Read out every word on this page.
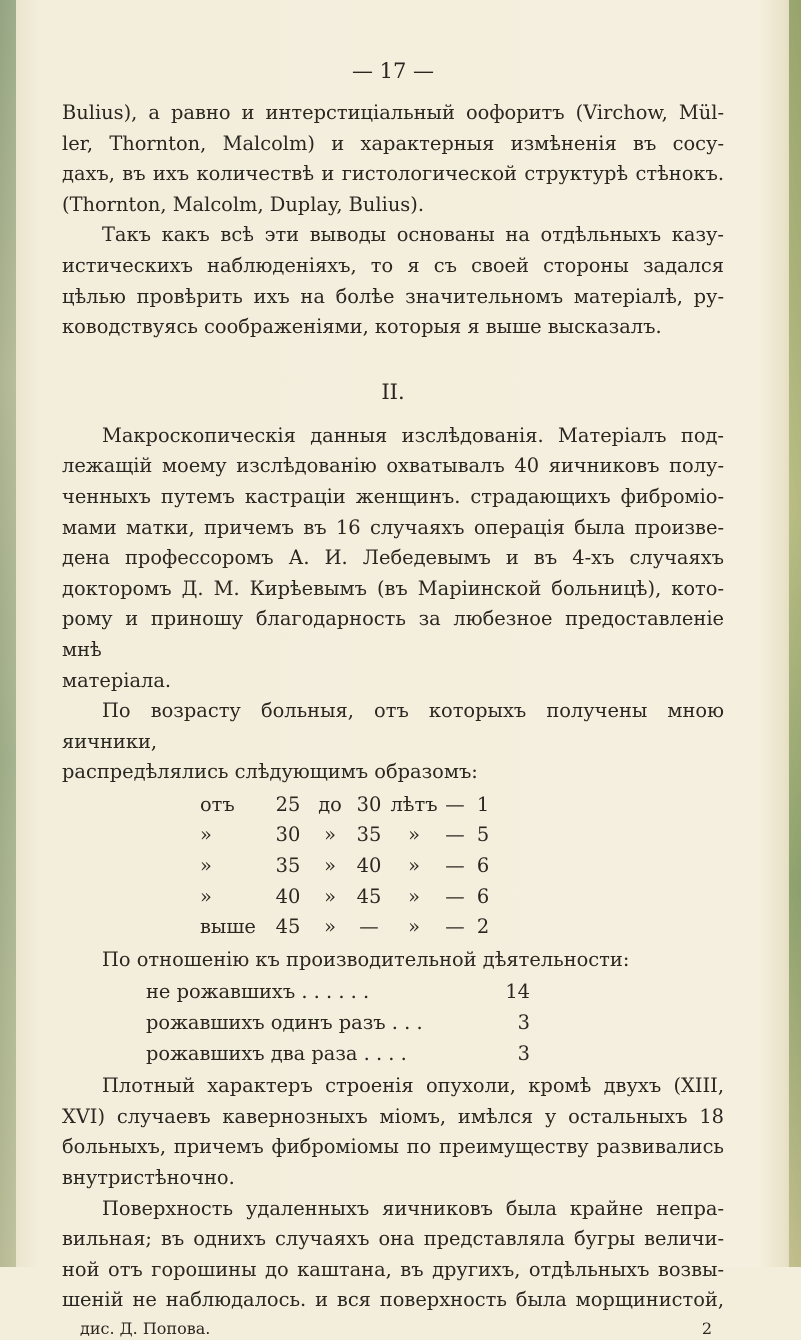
— 17 —

Bulius), а равно и интерстиціальный оофоритъ (Virchow, Mül-

ler, Thornton, Malcolm) и характерныя измѣненія въ сосу-

дахъ, въ ихъ количествѣ и гистологической структурѣ стѣнокъ.

(Thornton, Malcolm, Duplay, Bulius).

Такъ какъ всѣ эти выводы основаны на отдѣльныхъ казу-

истическихъ наблюденіяхъ, то я съ своей стороны задался

цѣлью провѣрить ихъ на болѣе значительномъ матеріалѣ, ру-

ководствуясь соображеніями, которыя я выше высказалъ.

II.

Макроскопическія данныя изслѣдованія. Матеріалъ под-

лежащій моему изслѣдованію охватывалъ 40 яичниковъ полу-

ченныхъ путемъ кастраціи женщинъ. страдающихъ фиброміо-

мами матки, причемъ въ 16 случаяхъ операція была произве-

дена профессоромъ А. И. Лебедевымъ и въ 4-хъ случаяхъ

докторомъ Д. М. Кирѣевымъ (въ Маріинской больницѣ), кото-

рому и приношу благодарность за любезное предоставленіе мнѣ

матеріала.

По возрасту больныя, отъ которыхъ получены мною яичники,

распредѣлялись слѣдующимъ образомъ:

отъ	25 до 30 лѣтъ — 1
»	30	»	35	»	— 5
»	35	»	40	»	— 6
»	40	»	45	»	— 6
выше	45	»	—	»	— 2

По отношенію къ производительной дѣятельности:

не рожавшихъ . . . . . .	14
рожавшихъ одинъ разъ . . .	3
рожавшихъ два раза . . . .	3

Плотный характеръ строенія опухоли, кромѣ двухъ (XIII,

XVI) случаевъ кавернозныхъ міомъ, имѣлся у остальныхъ 18

больныхъ, причемъ фиброміомы по преимуществу развивались

внутристѣночно.

Поверхность удаленныхъ яичниковъ была крайне непра-

вильная; въ однихъ случаяхъ она представляла бугры величи-

ной отъ горошины до каштана, въ другихъ, отдѣльныхъ возвы-

шеній не наблюдалось. и вся поверхность была морщинистой,

дис. Д. Попова.	2
